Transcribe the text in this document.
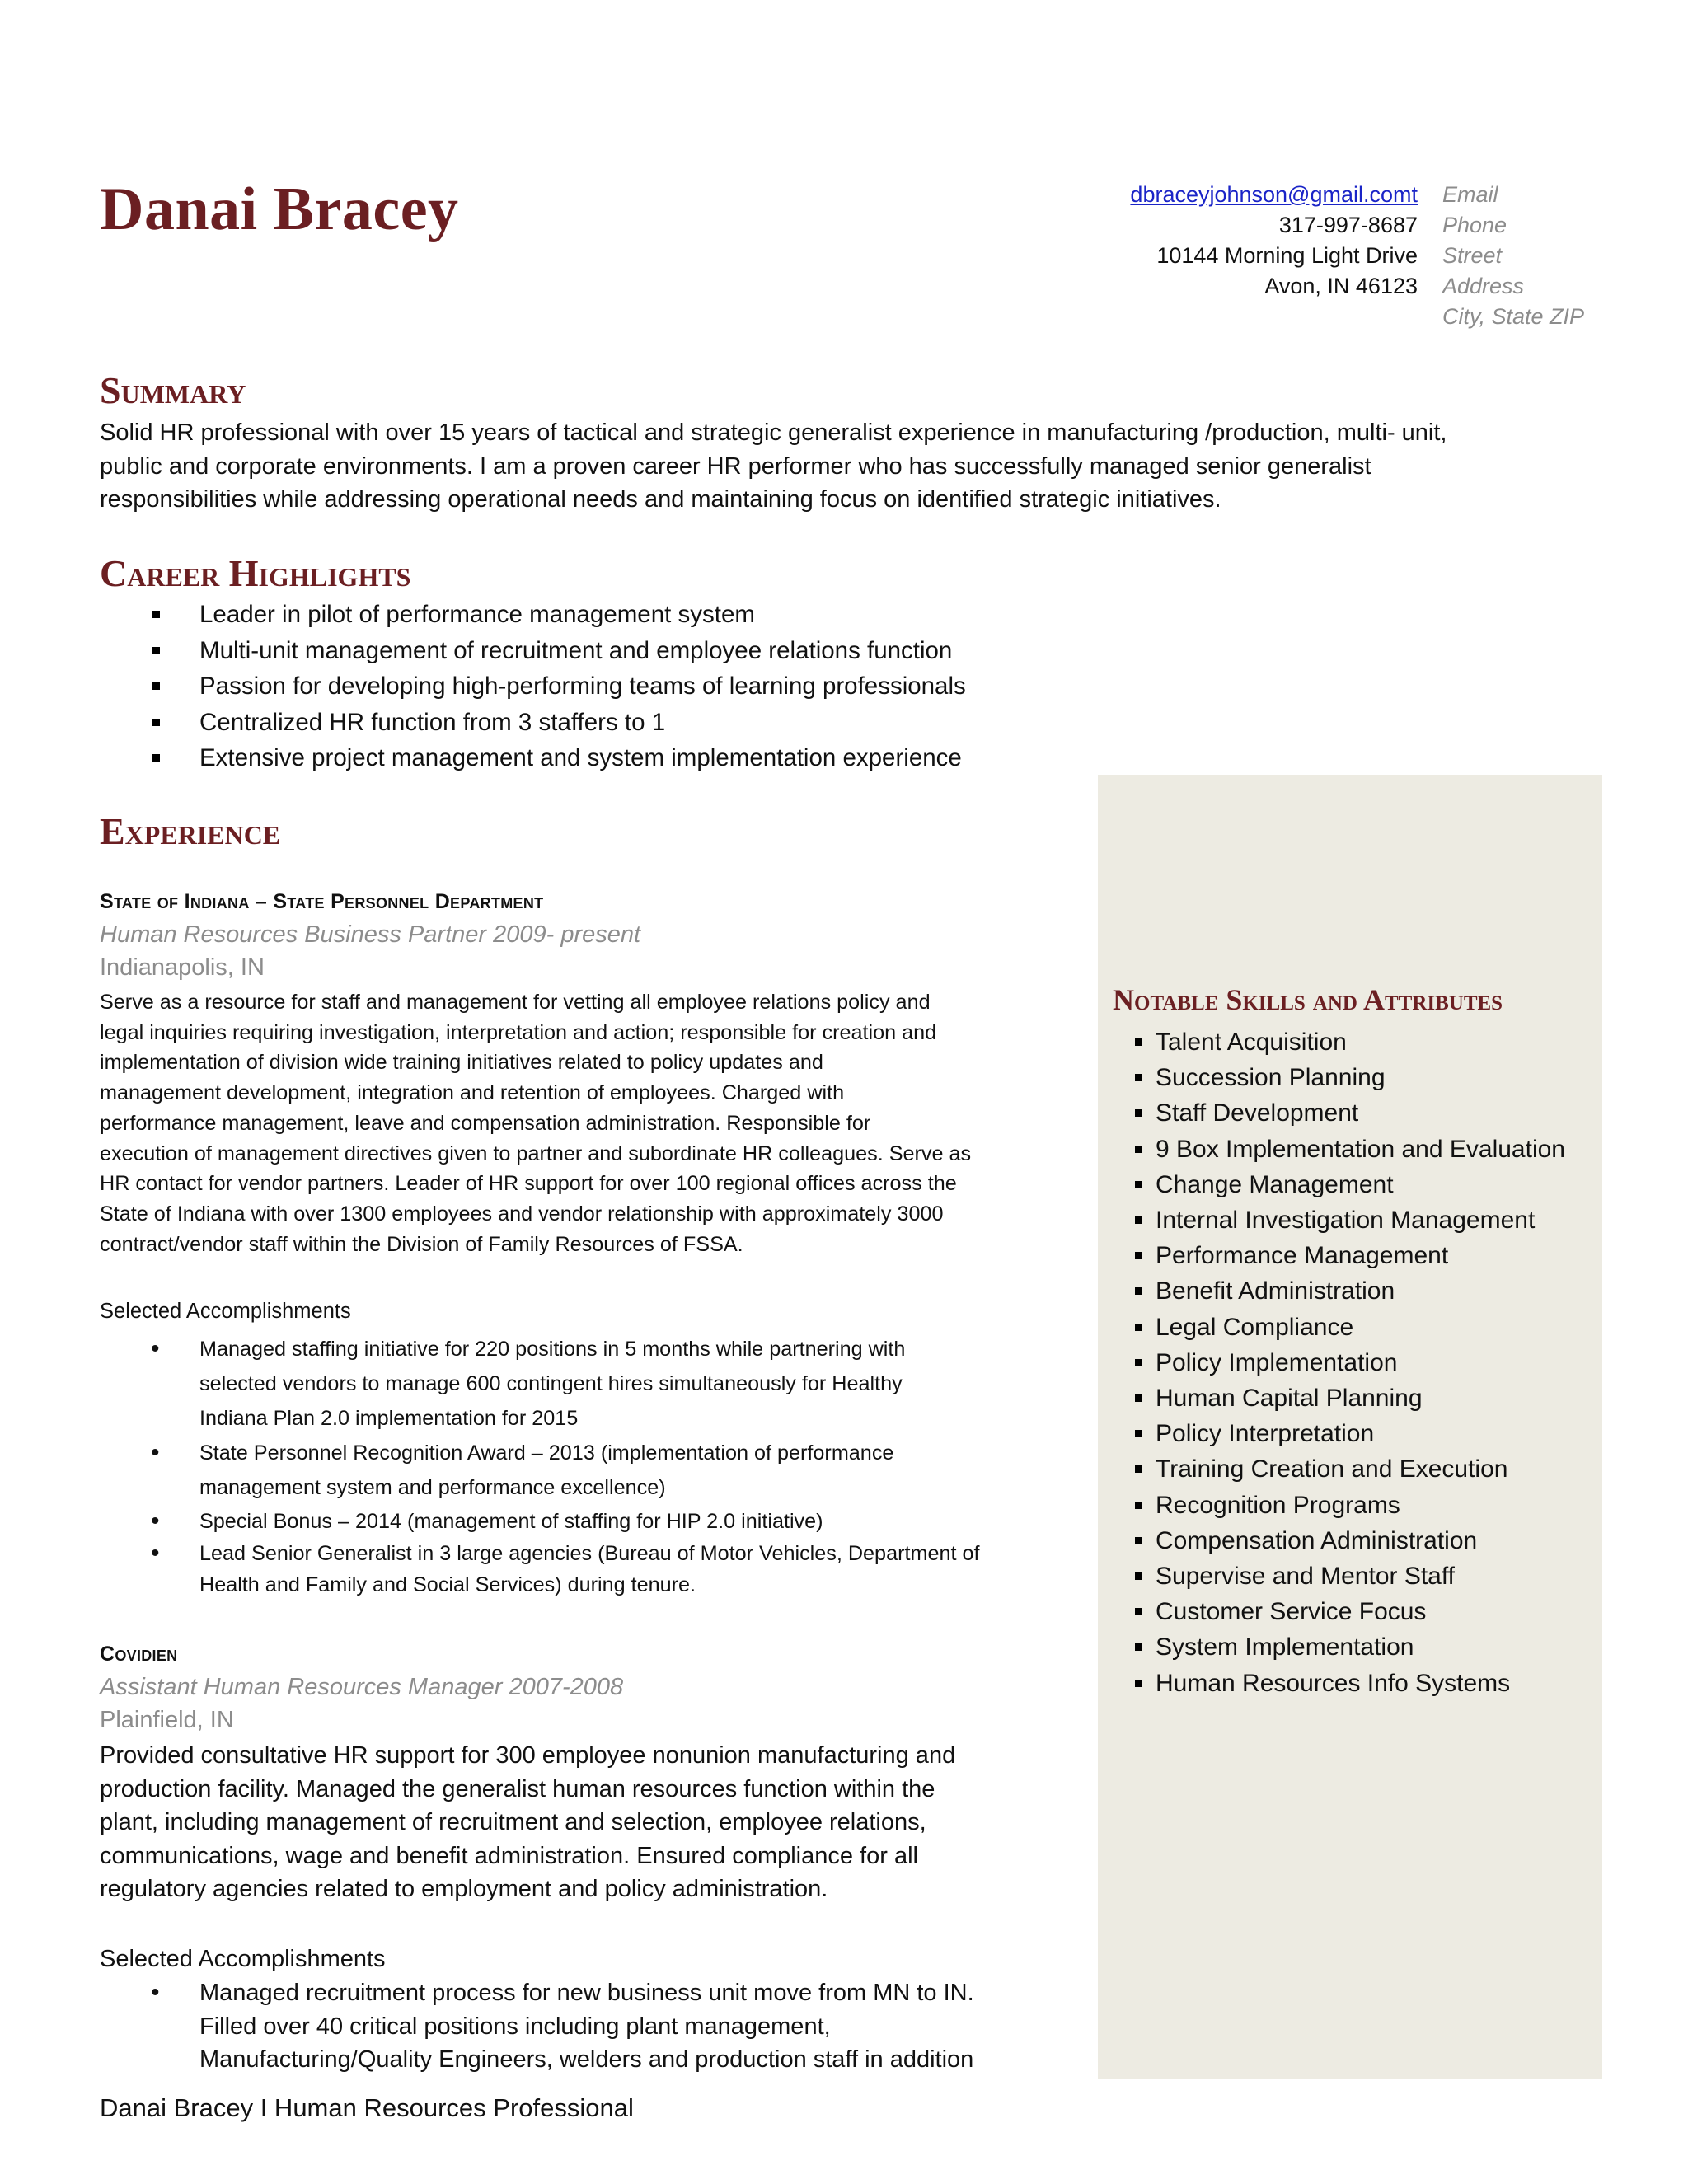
Danai Bracey	dbraceyjohnson@gmail.comt
317-997-8687
10144 Morning Light Drive
Avon, IN 46123
Email
Phone
Street
Address
City, State ZIP
Notable Skills and Attributes
Talent Acquisition
Succession Planning
Staff Development
9 Box Implementation and Evaluation
Change Management
Internal Investigation Management
Performance Management
Benefit Administration
Legal Compliance
Policy Implementation
Human Capital Planning
Policy Interpretation
Training Creation and Execution
Recognition Programs
Compensation Administration
Supervise and Mentor Staff
Customer Service Focus
System Implementation
Human Resources Info Systems
Summary
Solid HR professional with over 15 years of tactical and strategic generalist experience in manufacturing /production, multi- unit,
public and corporate environments. I am a proven career HR performer who has successfully managed senior generalist
responsibilities while addressing operational needs and maintaining focus on identified strategic initiatives.
Career Highlights
Leader in pilot of performance management system
Multi-unit management of recruitment and employee relations function
Passion for developing high-performing teams of learning professionals
Centralized HR function from 3 staffers to 1
Extensive project management and system implementation experience
Experience
State of Indiana – State Personnel Department
Human Resources Business Partner 2009- present
Indianapolis, IN
Serve as a resource for staff and management for vetting all employee relations policy and
legal inquiries requiring investigation, interpretation and action; responsible for creation and
implementation of division wide training initiatives related to policy updates and
management development, integration and retention of employees. Charged with
performance management, leave and compensation administration. Responsible for
execution of management directives given to partner and subordinate HR colleagues. Serve as
HR contact for vendor partners. Leader of HR support for over 100 regional offices across the
State of Indiana with over 1300 employees and vendor relationship with approximately 3000
contract/vendor staff within the Division of Family Resources of FSSA.
Selected Accomplishments
• Managed staffing initiative for 220 positions in 5 months while partnering with
selected vendors to manage 600 contingent hires simultaneously for Healthy
Indiana Plan 2.0 implementation for 2015
• State Personnel Recognition Award – 2013 (implementation of performance
management system and performance excellence)
• Special Bonus – 2014 (management of staffing for HIP 2.0 initiative)
• Lead Senior Generalist in 3 large agencies (Bureau of Motor Vehicles, Department of
Health and Family and Social Services) during tenure.
Covidien
Assistant Human Resources Manager 2007-2008
Plainfield, IN
Provided consultative HR support for 300 employee nonunion manufacturing and
production facility. Managed the generalist human resources function within the
plant, including management of recruitment and selection, employee relations,
communications, wage and benefit administration. Ensured compliance for all
regulatory agencies related to employment and policy administration.
Selected Accomplishments
• Managed recruitment process for new business unit move from MN to IN.
Filled over 40 critical positions including plant management,
Manufacturing/Quality Engineers, welders and production staff in addition
Danai Bracey I Human Resources Professional
